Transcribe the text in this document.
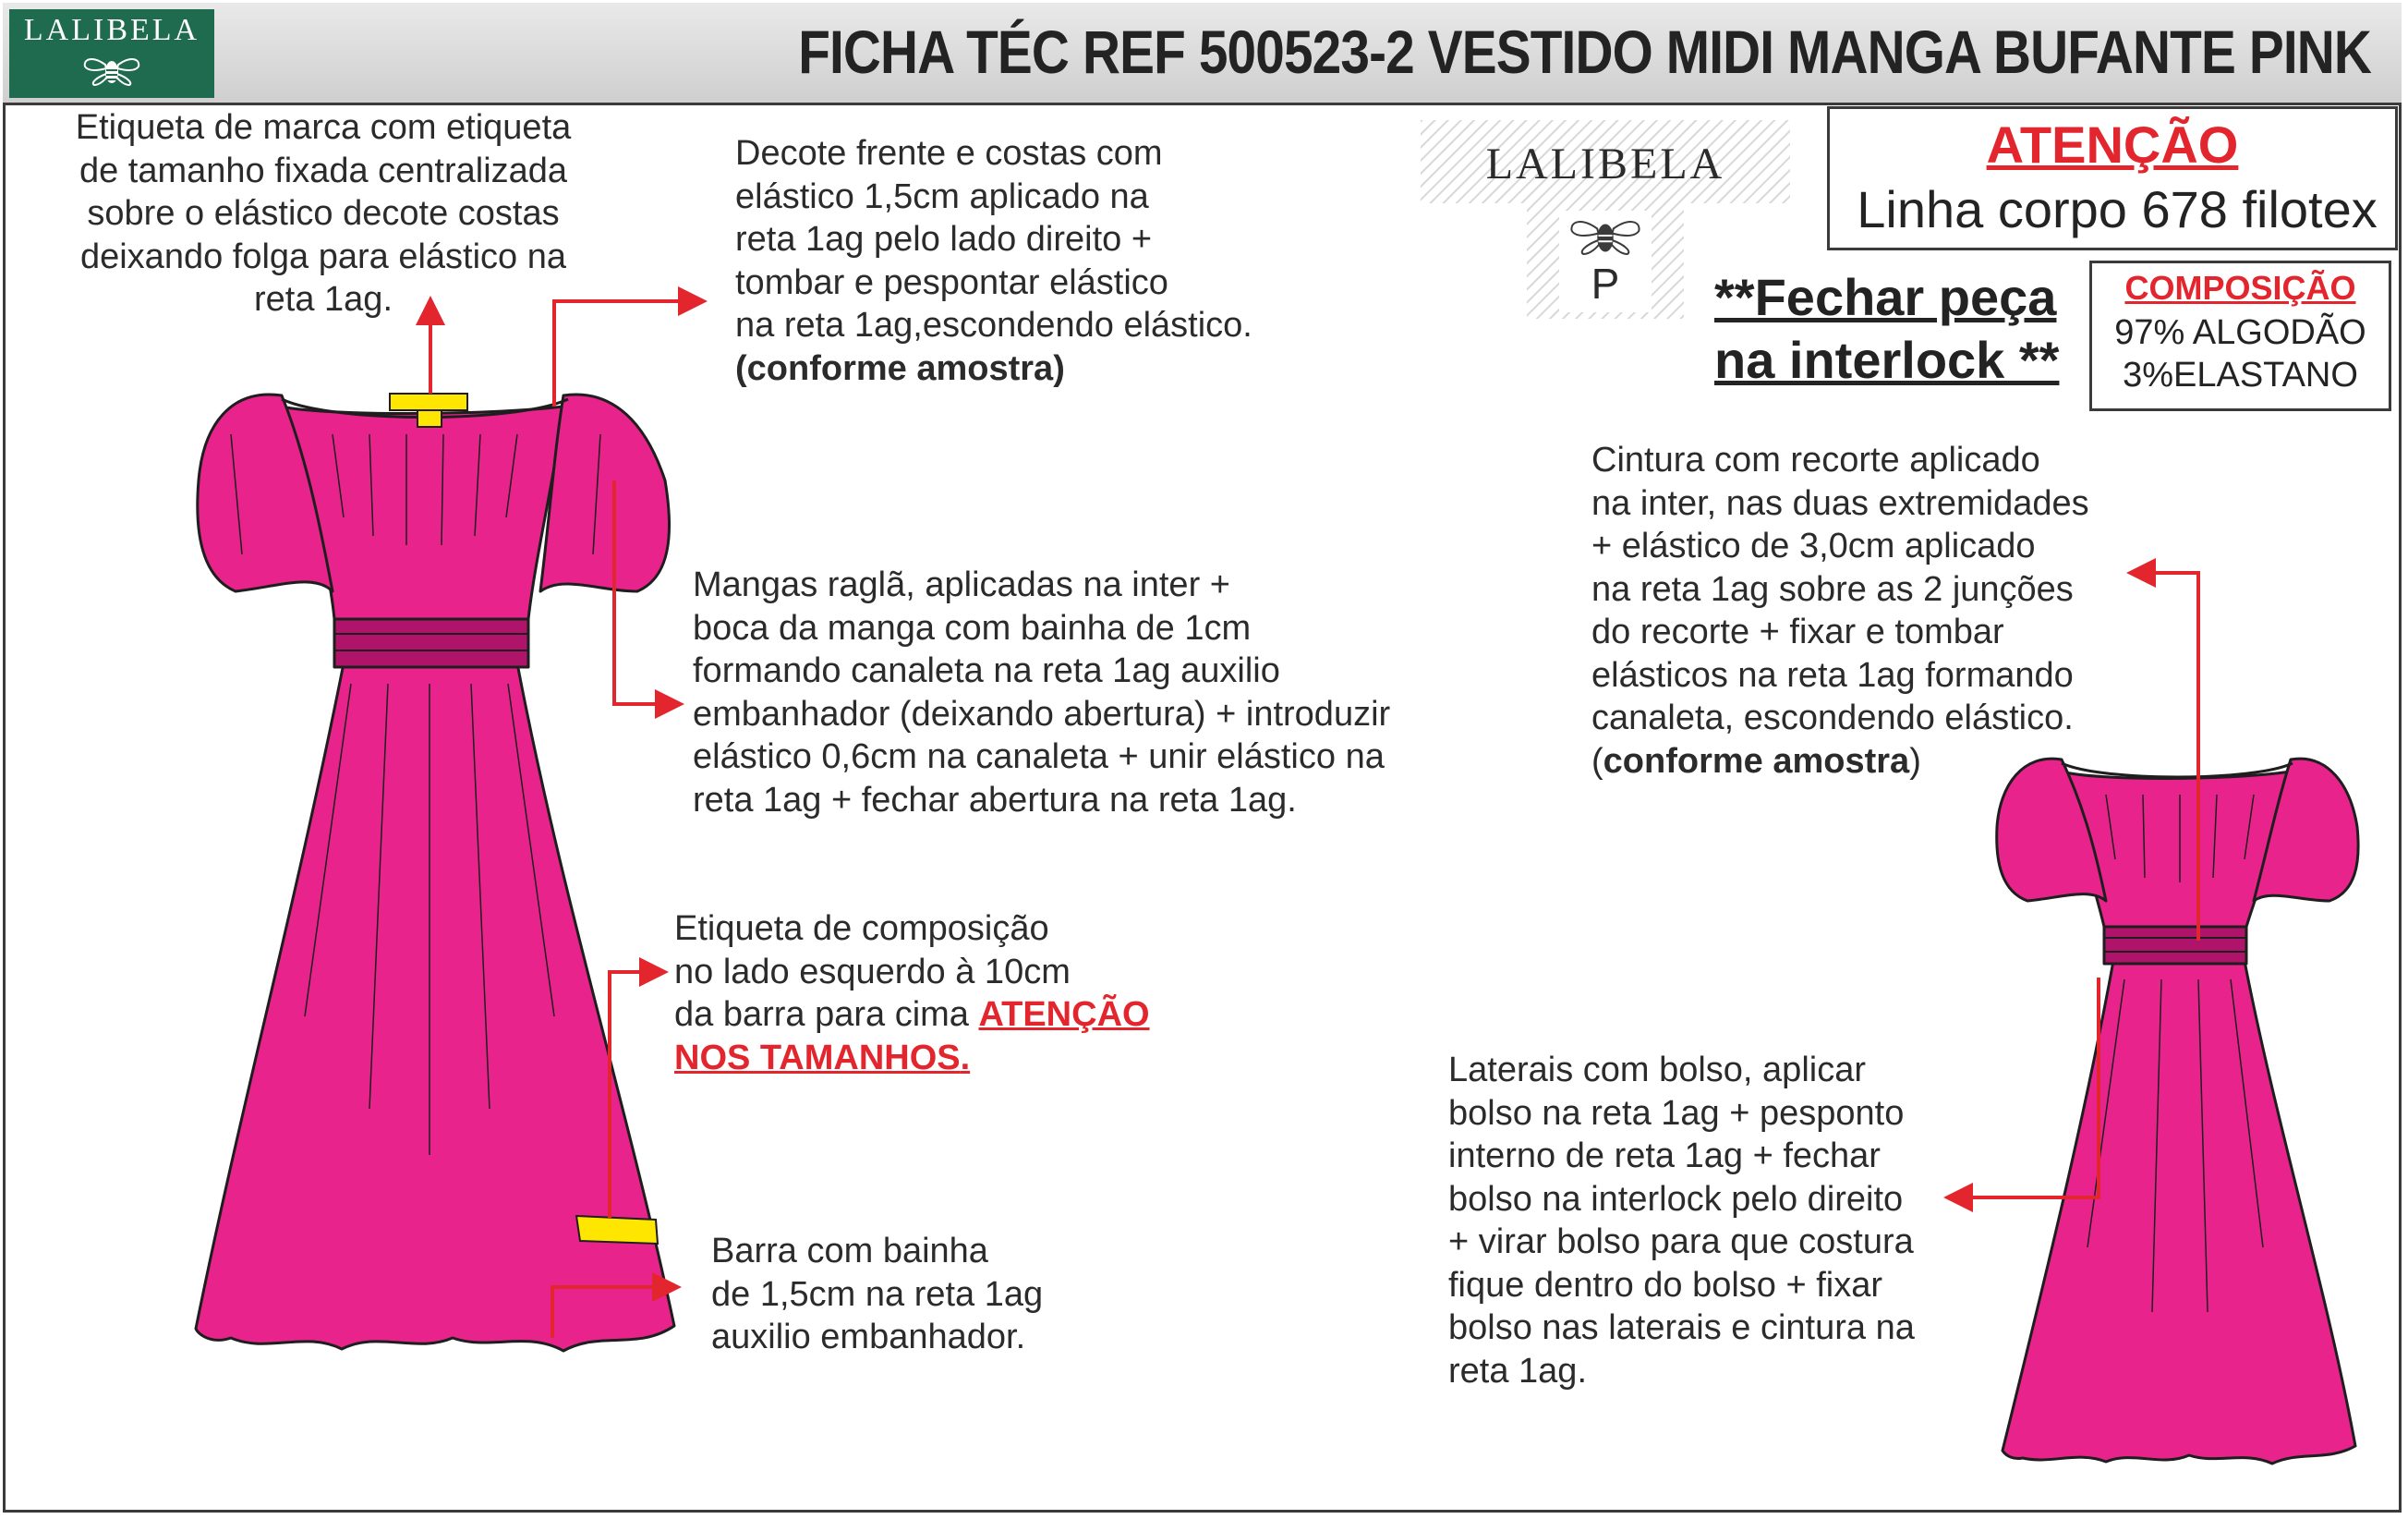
LALIBELA	FICHA TÉC REF 500523-2 VESTIDO MIDI MANGA BUFANTE PINK
LALIBELA
P
ATENÇÃO
Linha corpo 678 filotex
**Fechar peça
na interlock **
COMPOSIÇÃO
97% ALGODÃO
3%ELASTANO
Etiqueta de marca com etiqueta
de tamanho fixada centralizada
sobre o elástico decote costas
deixando folga para elástico na
reta 1ag.
Decote frente e costas com
elástico 1,5cm aplicado na
reta 1ag pelo lado direito +
tombar e pespontar elástico
na reta 1ag,escondendo elástico.
(conforme amostra)
Mangas raglã, aplicadas na inter +
boca da manga com bainha de 1cm
formando canaleta na reta 1ag auxilio
embanhador (deixando abertura) + introduzir
elástico 0,6cm na canaleta + unir elástico na
reta 1ag + fechar abertura na reta 1ag.
Etiqueta de composição
no lado esquerdo à 10cm
da barra para cima ATENÇÃO
NOS TAMANHOS.
Barra com bainha
de 1,5cm na reta 1ag
auxilio embanhador.
Cintura com recorte aplicado
na inter, nas duas extremidades
+ elástico de 3,0cm aplicado
na reta 1ag sobre as 2 junções
do recorte + fixar e tombar
elásticos na reta 1ag formando
canaleta, escondendo elástico.
(conforme amostra)
Laterais com bolso, aplicar
bolso na reta 1ag + pesponto
interno de reta 1ag + fechar
bolso na interlock pelo direito
+ virar bolso para que costura
fique dentro do bolso + fixar
bolso nas laterais e cintura na
reta 1ag.
